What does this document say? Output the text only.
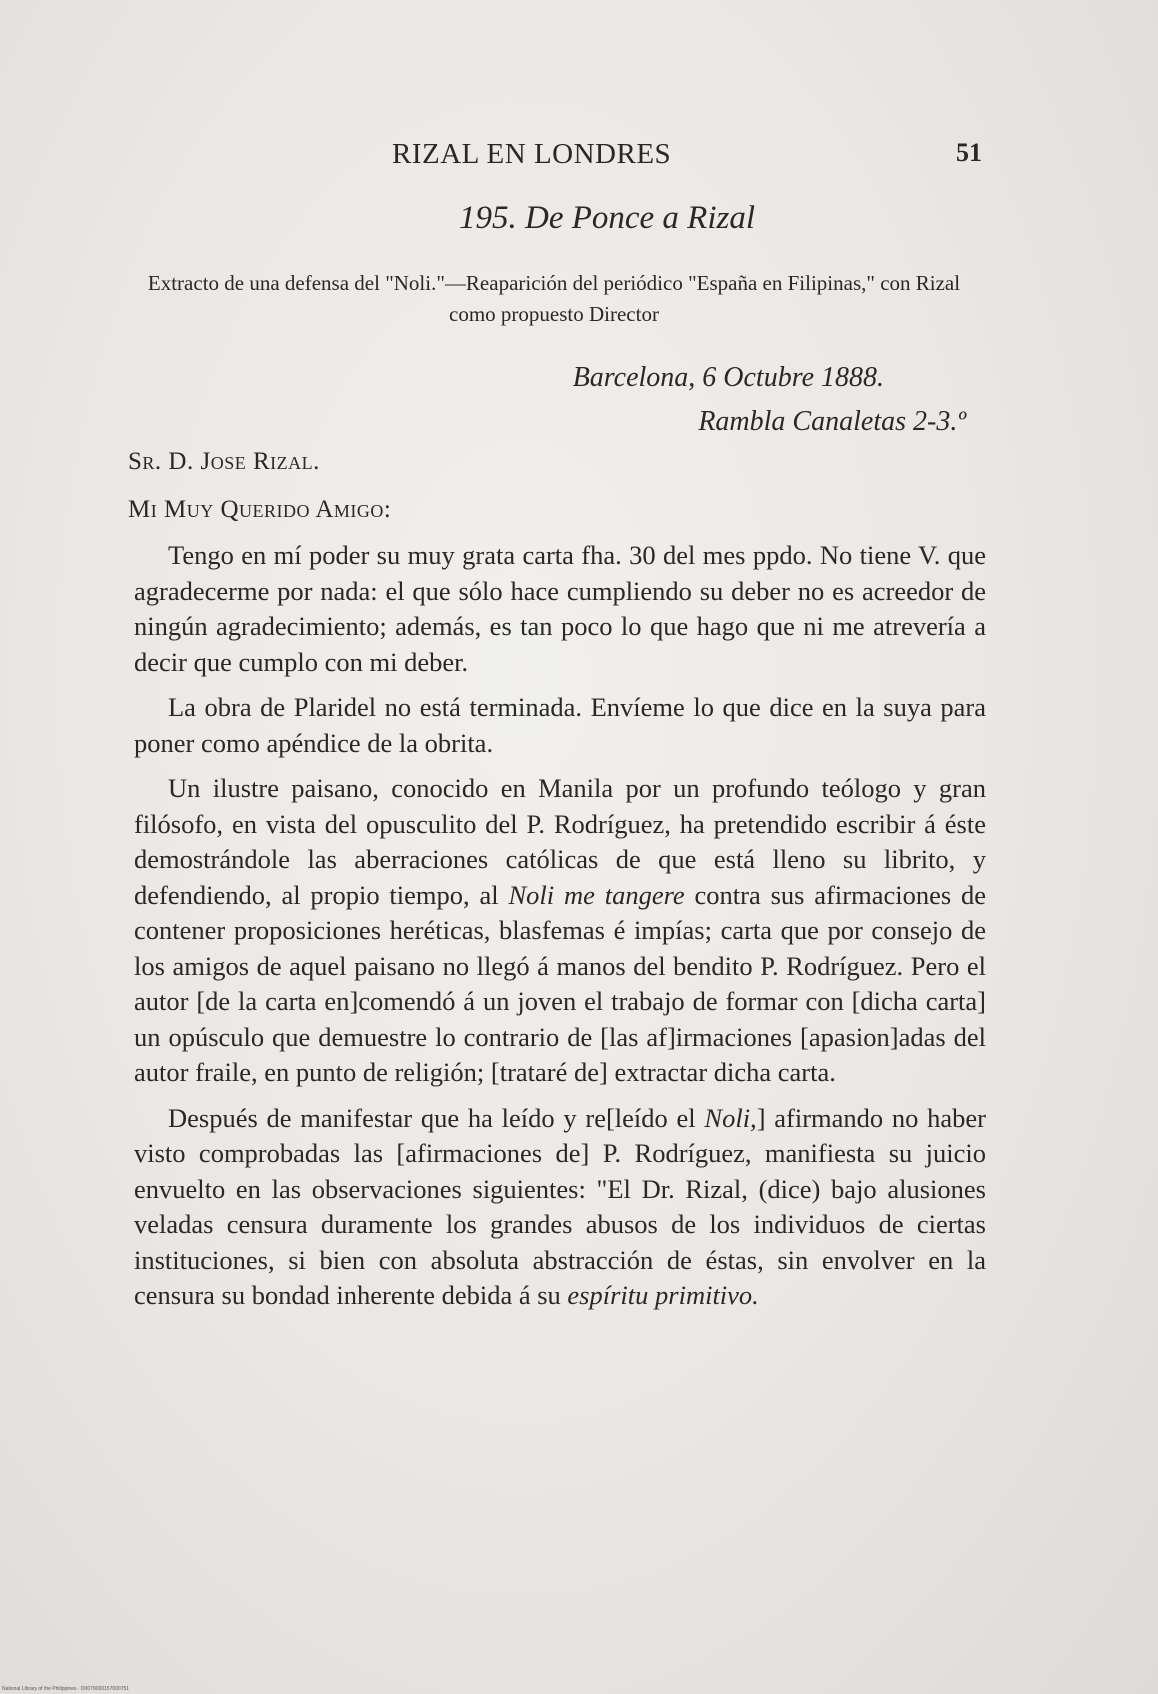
RIZAL EN LONDRES	51
195. De Ponce a Rizal
Extracto de una defensa del "Noli."—Reaparición del periódico "España en Filipinas," con Rizal como propuesto Director
Barcelona, 6 Octubre 1888.
Rambla Canaletas 2-3.º
Sr. D. Jose Rizal.
Mi Muy Querido Amigo:

Tengo en mí poder su muy grata carta fha. 30 del mes ppdo. No tiene V. que agradecerme por nada: el que sólo hace cumpliendo su deber no es acreedor de ningún agradecimiento; además, es tan poco lo que hago que ni me atrevería a decir que cumplo con mi deber.

La obra de Plaridel no está terminada. Envíeme lo que dice en la suya para poner como apéndice de la obrita.

Un ilustre paisano, conocido en Manila por un profundo teólogo y gran filósofo, en vista del opusculito del P. Rodríguez, ha pretendido escribir á éste demostrándole las aberraciones católicas de que está lleno su librito, y defendiendo, al propio tiempo, al Noli me tangere contra sus afirmaciones de contener proposiciones heréticas, blasfemas é impías; carta que por consejo de los amigos de aquel paisano no llegó á manos del bendito P. Rodríguez. Pero el autor [de la carta en]comendó á un joven el trabajo de formar con [dicha carta] un opúsculo que demuestre lo contrario de [las af]irmaciones [apasion]adas del autor fraile, en punto de religión; [trataré de] extractar dicha carta.

Después de manifestar que ha leído y re[leído el Noli,] afirmando no haber visto comprobadas las [afirmaciones de] P. Rodríguez, manifiesta su juicio envuelto en las observaciones siguientes: "El Dr. Rizal, (dice) bajo alusiones veladas censura duramente los grandes abusos de los individuos de ciertas instituciones, si bien con absoluta abstracción de éstas, sin envolver en la censura su bondad inherente debida á su espíritu primitivo.

National Library of the Philippines · D0079000157000751
